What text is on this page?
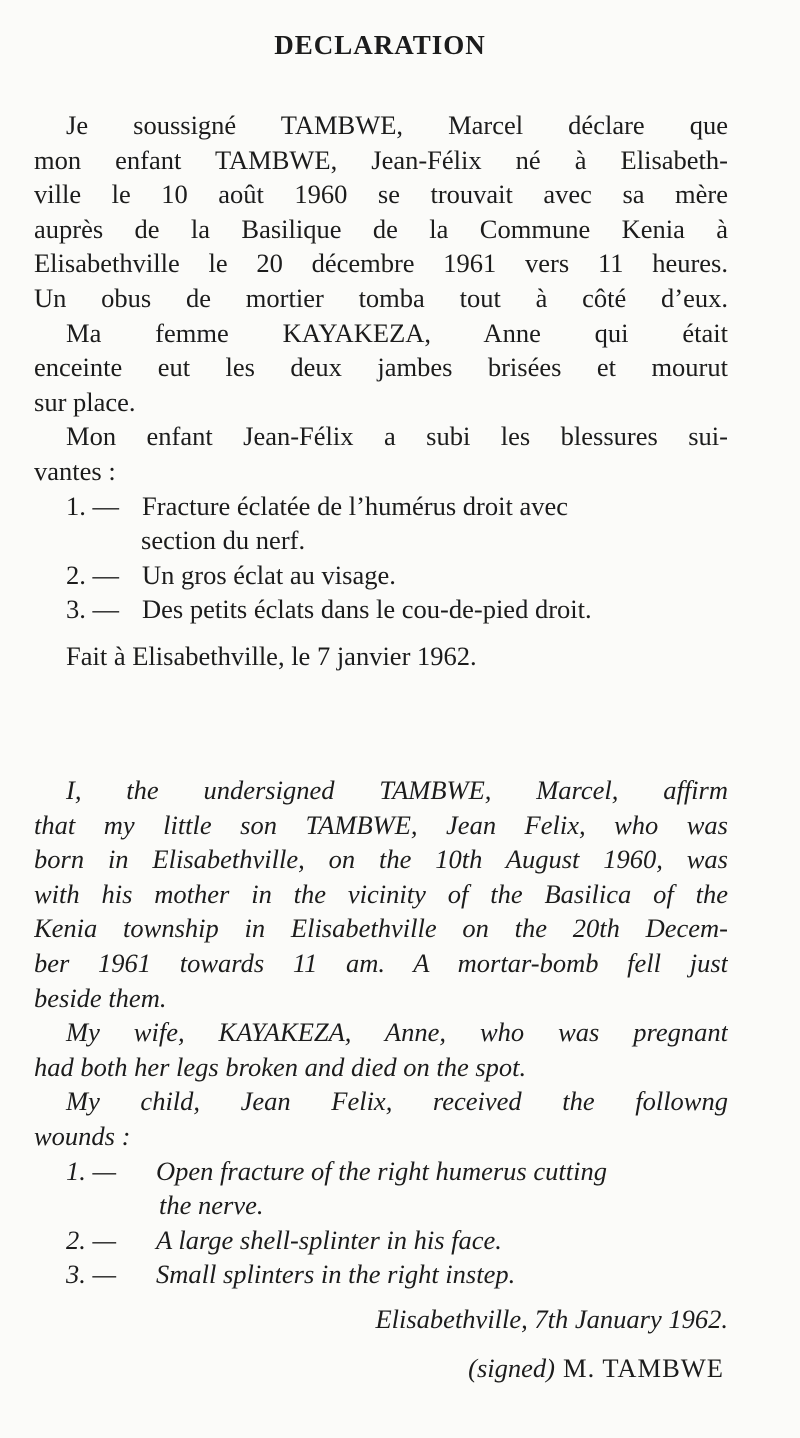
DECLARATION
Je soussigné TAMBWE, Marcel déclare que
mon enfant TAMBWE, Jean-Félix né à Elisabeth-
ville le 10 août 1960 se trouvait avec sa mère
auprès de la Basilique de la Commune Kenia à
Elisabethville le 20 décembre 1961 vers 11 heures.
Un obus de mortier tomba tout à côté d’eux.
Ma femme KAYAKEZA, Anne qui était
enceinte eut les deux jambes brisées et mourut
sur place.
Mon enfant Jean-Félix a subi les blessures sui-
vantes :
1. — Fracture éclatée de l’humérus droit avec
section du nerf.
2. — Un gros éclat au visage.
3. — Des petits éclats dans le cou-de-pied droit.
Fait à Elisabethville, le 7 janvier 1962.
I, the undersigned TAMBWE, Marcel, affirm
that my little son TAMBWE, Jean Felix, who was
born in Elisabethville, on the 10th August 1960, was
with his mother in the vicinity of the Basilica of the
Kenia township in Elisabethville on the 20th Decem-
ber 1961 towards 11 am. A mortar-bomb fell just
beside them.
My wife, KAYAKEZA, Anne, who was pregnant
had both her legs broken and died on the spot.
My child, Jean Felix, received the followng
wounds :
1. — Open fracture of the right humerus cutting
the nerve.
2. — A large shell-splinter in his face.
3. — Small splinters in the right instep.
Elisabethville, 7th January 1962.
(signed) M. TAMBWE
